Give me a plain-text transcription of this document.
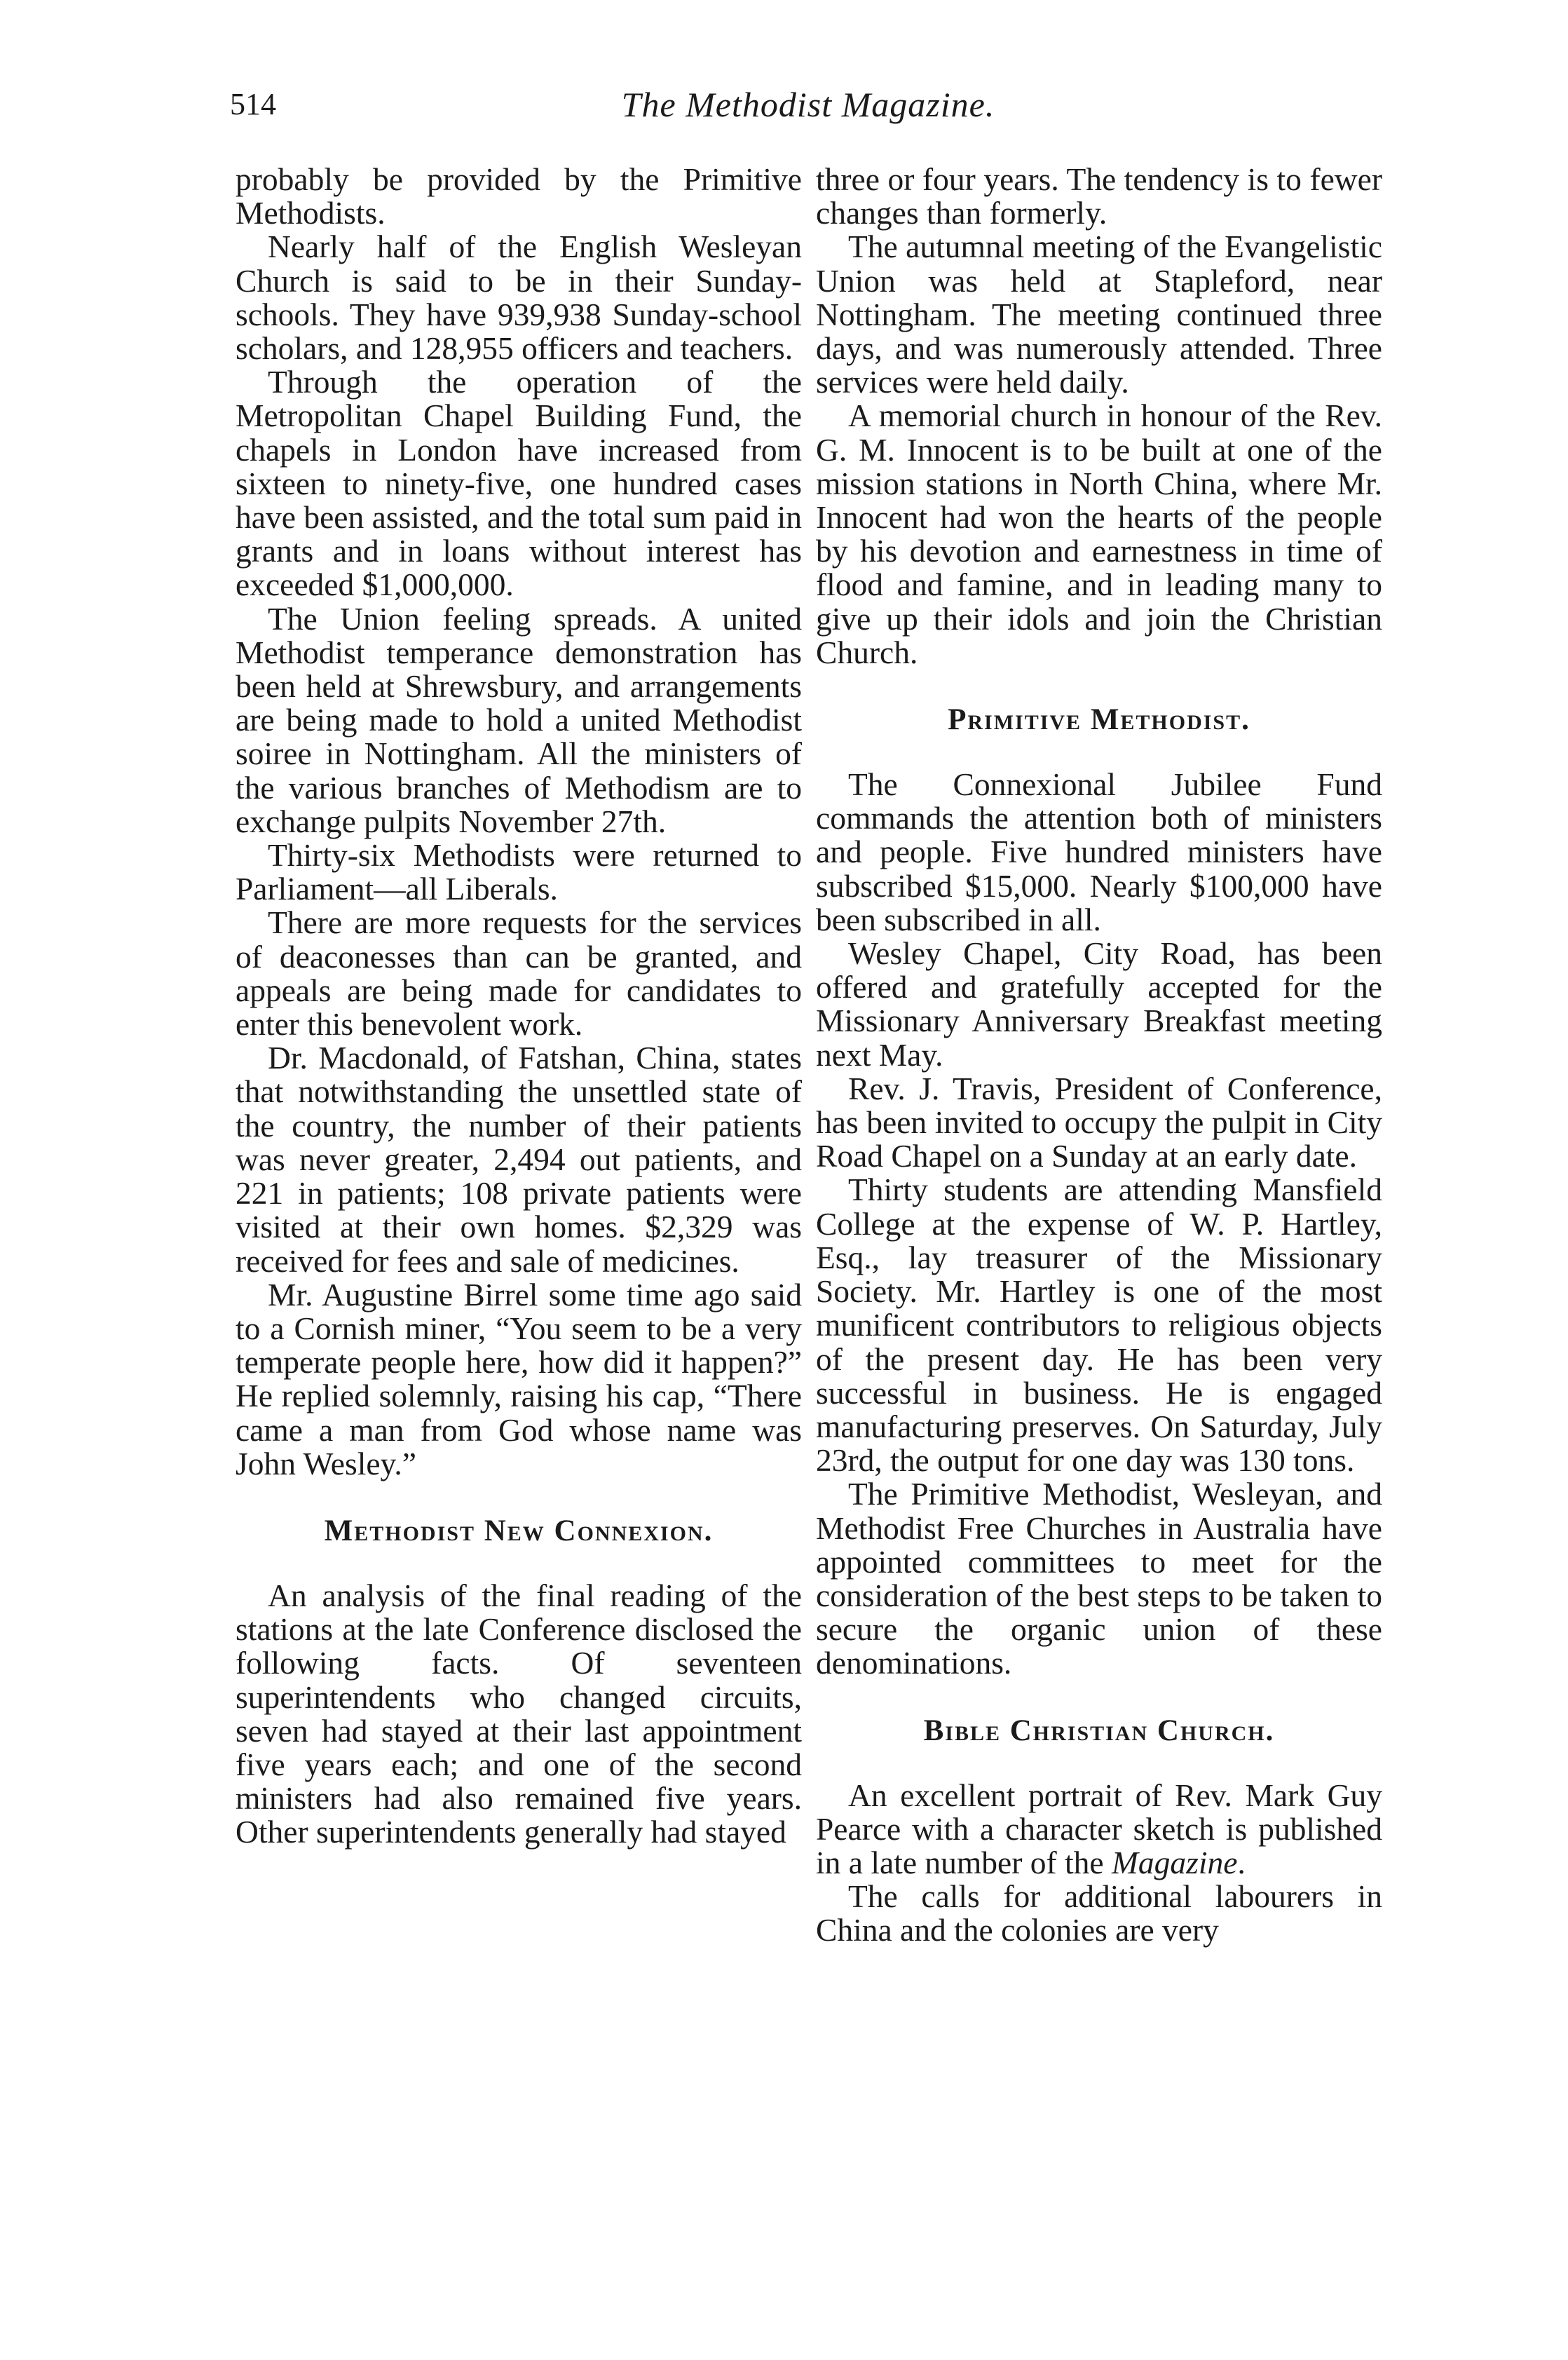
514	The Methodist Magazine.

probably be provided by the Primitive Methodists.

Nearly half of the English Wesleyan Church is said to be in their Sunday-schools. They have 939,938 Sunday-school scholars, and 128,955 officers and teachers.

Through the operation of the Metropolitan Chapel Building Fund, the chapels in London have increased from sixteen to ninety-five, one hundred cases have been assisted, and the total sum paid in grants and in loans without interest has exceeded $1,000,000.

The Union feeling spreads. A united Methodist temperance demonstration has been held at Shrewsbury, and arrangements are being made to hold a united Methodist soiree in Nottingham. All the ministers of the various branches of Methodism are to exchange pulpits November 27th.

Thirty-six Methodists were returned to Parliament—all Liberals.

There are more requests for the services of deaconesses than can be granted, and appeals are being made for candidates to enter this benevolent work.

Dr. Macdonald, of Fatshan, China, states that notwithstanding the unsettled state of the country, the number of their patients was never greater, 2,494 out patients, and 221 in patients; 108 private patients were visited at their own homes. $2,329 was received for fees and sale of medicines.

Mr. Augustine Birrel some time ago said to a Cornish miner, “You seem to be a very temperate people here, how did it happen?” He replied solemnly, raising his cap, “There came a man from God whose name was John Wesley.”

Methodist New Connexion.

An analysis of the final reading of the stations at the late Conference disclosed the following facts. Of seventeen superintendents who changed circuits, seven had stayed at their last appointment five years each; and one of the second ministers had also remained five years. Other superintendents generally had stayed

three or four years. The tendency is to fewer changes than formerly.

The autumnal meeting of the Evangelistic Union was held at Stapleford, near Nottingham. The meeting continued three days, and was numerously attended. Three services were held daily.

A memorial church in honour of the Rev. G. M. Innocent is to be built at one of the mission stations in North China, where Mr. Innocent had won the hearts of the people by his devotion and earnestness in time of flood and famine, and in leading many to give up their idols and join the Christian Church.

Primitive Methodist.

The Connexional Jubilee Fund commands the attention both of ministers and people. Five hundred ministers have subscribed $15,000. Nearly $100,000 have been subscribed in all.

Wesley Chapel, City Road, has been offered and gratefully accepted for the Missionary Anniversary Breakfast meeting next May.

Rev. J. Travis, President of Conference, has been invited to occupy the pulpit in City Road Chapel on a Sunday at an early date.

Thirty students are attending Mansfield College at the expense of W. P. Hartley, Esq., lay treasurer of the Missionary Society. Mr. Hartley is one of the most munificent contributors to religious objects of the present day. He has been very successful in business. He is engaged manufacturing preserves. On Saturday, July 23rd, the output for one day was 130 tons.

The Primitive Methodist, Wesleyan, and Methodist Free Churches in Australia have appointed committees to meet for the consideration of the best steps to be taken to secure the organic union of these denominations.

Bible Christian Church.

An excellent portrait of Rev. Mark Guy Pearce with a character sketch is published in a late number of the Magazine.

The calls for additional labourers in China and the colonies are very
